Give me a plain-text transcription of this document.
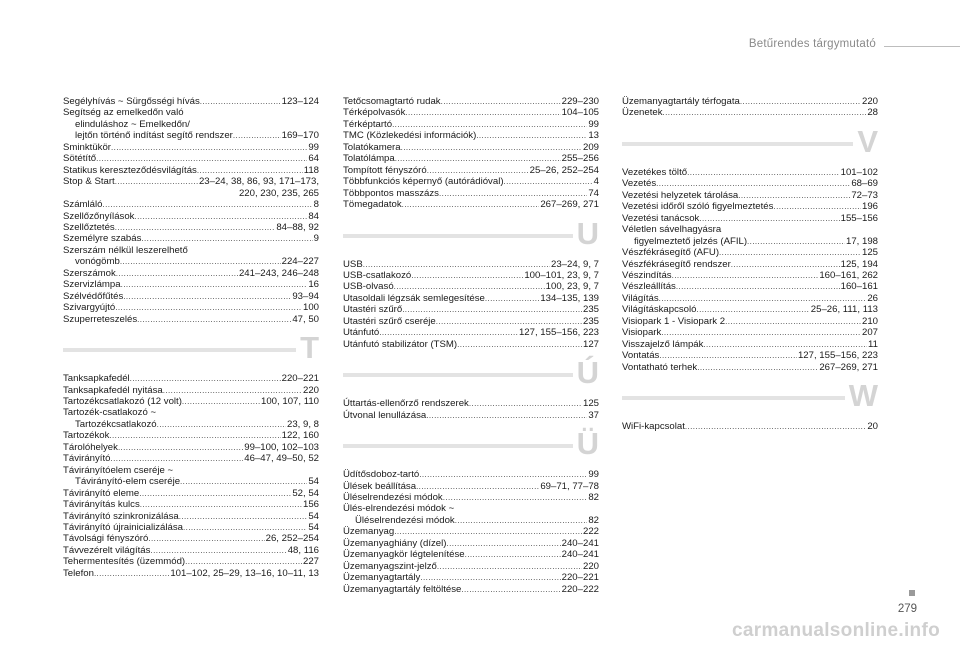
Betűrendes tárgymutató
Segélyhívás ~ Sürgősségi hívás .....	123–124
Segítség az emelkedőn való
elinduláshoz ~ Emelkedőn/
lejtőn történő indítást segítő rendszer .....	169–170
Sminktükör .....	99
Sötétítő .....	64
Statikus kereszteződésvilágítás .....	118
Stop & Start .....	23–24, 38, 86, 93, 171–173,
220, 230, 235, 265
Számláló .....	8
Szellőzőnyílások .....	84
Szellőztetés .....	84–88, 92
Személyre szabás .....	9
Szerszám nélkül leszerelhető
vonógömb .....	224–227
Szerszámok .....	241–243, 246–248
Szervizlámpa .....	16
Szélvédőfűtés .....	93–94
Szivargyújtó .....	100
Szuperreteszelés .....	47, 50
T
Tanksapkafedél .....	220–221
Tanksapkafedél nyitása .....	220
Tartozékcsatlakozó (12 volt) .....	100, 107, 110
Tartozék-csatlakozó ~
Tartozékcsatlakozó .....	23, 9, 8
Tartozékok .....	122, 160
Tárolóhelyek .....	99–100, 102–103
Távirányító .....	46–47, 49–50, 52
Távirányítóelem cseréje ~
Távirányító-elem cseréje .....	54
Távirányító eleme .....	52, 54
Távirányítás kulcs .....	156
Távirányító szinkronizálása .....	54
Távirányító újrainicializálása .....	54
Távolsági fényszóró .....	26, 252–254
Távvezérelt világítás .....	48, 116
Tehermentesítés (üzemmód) .....	227
Telefon .....	101–102, 25–29, 13–16, 10–11, 13
Tetőcsomagtartó rudak .....	229–230
Térképolvasók .....	104–105
Térképtartó .....	99
TMC (Közlekedési információk) .....	13
Tolatókamera .....	209
Tolatólámpa .....	255–256
Tompított fényszóró .....	25–26, 252–254
Többfunkciós képernyő (autórádióval) .....	4
Többpontos masszázs .....	74
Tömegadatok .....	267–269, 271
U
USB .....	23–24, 9, 7
USB-csatlakozó .....	100–101, 23, 9, 7
USB-olvasó .....	100, 23, 9, 7
Utasoldali légzsák semlegesítése .....	134–135, 139
Utastéri szűrő .....	235
Utastéri szűrő cseréje .....	235
Utánfutó .....	127, 155–156, 223
Utánfutó stabilizátor (TSM) .....	127
Ú
Úttartás-ellenőrző rendszerek .....	125
Útvonal lenullázása .....	37
Ü
Üdítősdoboz-tartó .....	99
Ülések beállítása .....	69–71, 77–78
Üléselrendezési módok .....	82
Ülés-elrendezési módok ~
Üléselrendezési módok .....	82
Üzemanyag .....	222
Üzemanyaghiány (dízel) .....	240–241
Üzemanyagkör légtelenítése .....	240–241
Üzemanyagszint-jelző .....	220
Üzemanyagtartály .....	220–221
Üzemanyagtartály feltöltése .....	220–222
Üzemanyagtartály térfogata .....	220
Üzenetek .....	28
V
Vezetékes töltő .....	101–102
Vezetés .....	68–69
Vezetési helyzetek tárolása .....	72–73
Vezetési időről szóló figyelmeztetés .....	196
Vezetési tanácsok .....	155–156
Véletlen sávelhagyásra
figyelmeztető jelzés (AFIL) .....	17, 198
Vészfékrásegítő (AFU) .....	125
Vészfékrásegítő rendszer .....	125, 194
Vészindítás .....	160–161, 262
Vészleállítás .....	160–161
Világítás .....	26
Világításkapcsoló .....	25–26, 111, 113
Visiopark 1 - Visiopark 2 .....	210
Visiopark .....	207
Visszajelző lámpák .....	11
Vontatás .....	127, 155–156, 223
Vontatható terhek .....	267–269, 271
W
WiFi-kapcsolat .....	20
279
carmanualsonline.info
